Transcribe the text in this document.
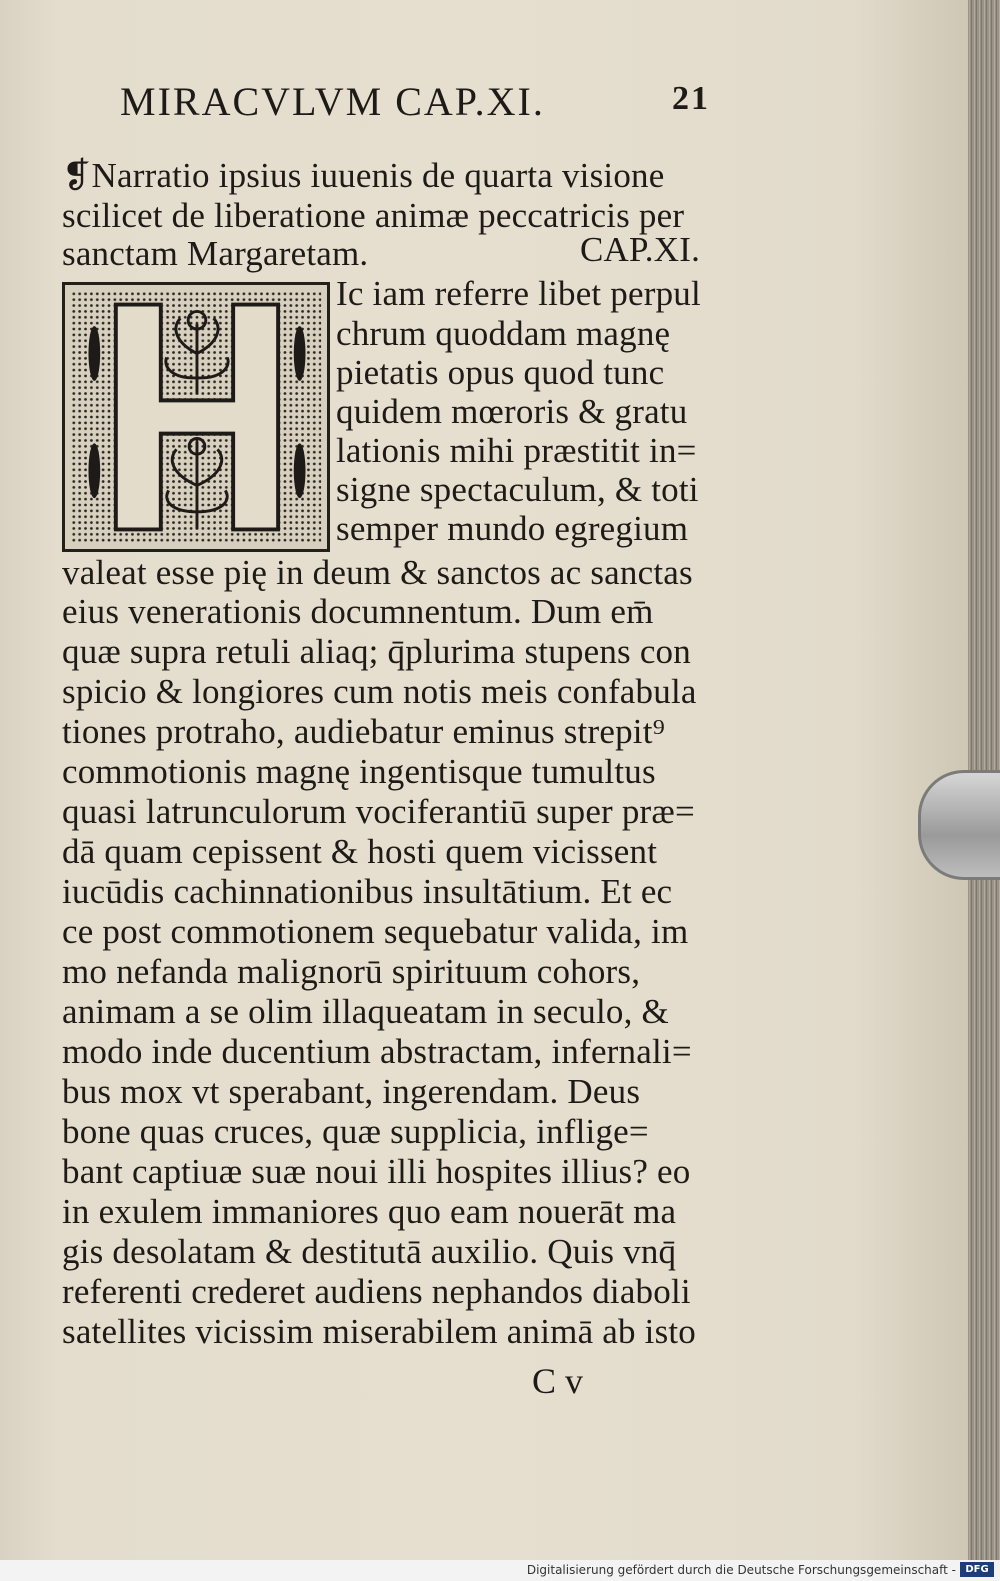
MIRACVLVM CAP.XI.	21
❡Narratio ipsius iuuenis de quarta visione
scilicet de liberatione animæ peccatricis per
sanctam Margaretam.	CAP.XI.
Ic iam referre libet perpul
chrum quoddam magnę
pietatis opus quod tunc
quidem mœroris & gratu
lationis mihi præstitit in=
signe spectaculum, & toti
semper mundo egregium
valeat esse pię in deum & sanctos ac sanctas
eius venerationis documnentum. Dum em̄
quæ supra retuli aliaq; q̄plurima stupens con
spicio & longiores cum notis meis confabula
tiones protraho, audiebatur eminus strepit⁹
commotionis magnę ingentisque tumultus
quasi latrunculorum vociferantiū super præ=
dā quam cepissent & hosti quem vicissent
iucūdis cachinnationibus insultātium. Et ec
ce post commotionem sequebatur valida, im
mo nefanda malignorū spirituum cohors,
animam a se olim illaqueatam in seculo, &
modo inde ducentium abstractam, infernali=
bus mox vt sperabant, ingerendam. Deus
bone quas cruces, quæ supplicia, inflige=
bant captiuæ suæ noui illi hospites illius? eo
in exulem immaniores quo eam nouerāt ma
gis desolatam & destitutā auxilio. Quis vnq̄
referenti crederet audiens nephandos diaboli
satellites vicissim miserabilem animā ab isto
C v
Digitalisierung gefördert durch die Deutsche Forschungsgemeinschaft - DFG
